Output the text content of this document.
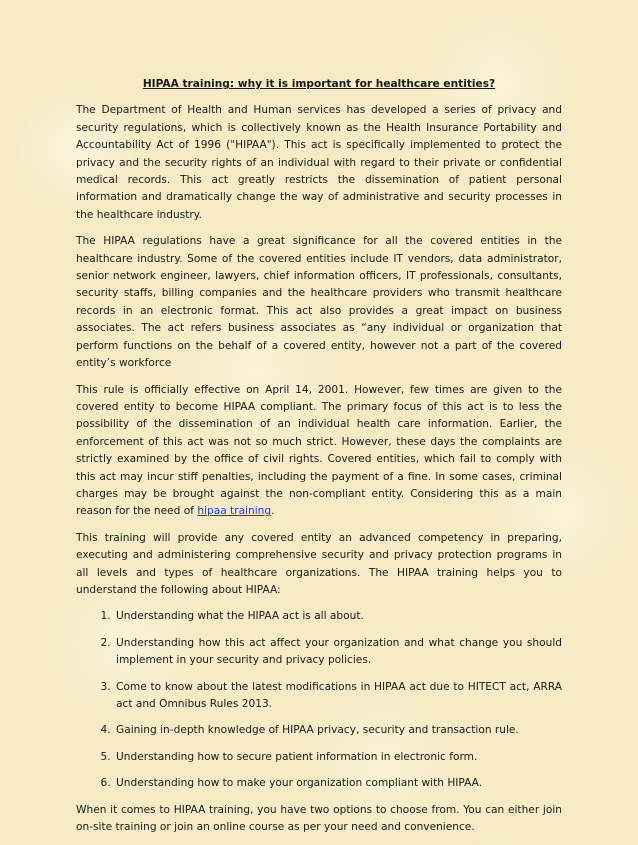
HIPAA training: why it is important for healthcare entities?

The Department of Health and Human services has developed a series of privacy and security regulations, which is collectively known as the Health Insurance Portability and Accountability Act of 1996 ("HIPAA"). This act is specifically implemented to protect the privacy and the security rights of an individual with regard to their private or confidential medical records. This act greatly restricts the dissemination of patient personal information and dramatically change the way of administrative and security processes in the healthcare industry.

The HIPAA regulations have a great significance for all the covered entities in the healthcare industry. Some of the covered entities include IT vendors, data administrator, senior network engineer, lawyers, chief information officers, IT professionals, consultants, security staffs, billing companies and the healthcare providers who transmit healthcare records in an electronic format. This act also provides a great impact on business associates. The act refers business associates as “any individual or organization that perform functions on the behalf of a covered entity, however not a part of the covered entity’s workforce

This rule is officially effective on April 14, 2001. However, few times are given to the covered entity to become HIPAA compliant. The primary focus of this act is to less the possibility of the dissemination of an individual health care information. Earlier, the enforcement of this act was not so much strict. However, these days the complaints are strictly examined by the office of civil rights. Covered entities, which fail to comply with this act may incur stiff penalties, including the payment of a fine. In some cases, criminal charges may be brought against the non-compliant entity. Considering this as a main reason for the need of hipaa training.

This training will provide any covered entity an advanced competency in preparing, executing and administering comprehensive security and privacy protection programs in all levels and types of healthcare organizations. The HIPAA training helps you to understand the following about HIPAA:

1. Understanding what the HIPAA act is all about.
2. Understanding how this act affect your organization and what change you should implement in your security and privacy policies.
3. Come to know about the latest modifications in HIPAA act due to HITECT act, ARRA act and Omnibus Rules 2013.
4. Gaining in-depth knowledge of HIPAA privacy, security and transaction rule.
5. Understanding how to secure patient information in electronic form.
6. Understanding how to make your organization compliant with HIPAA.

When it comes to HIPAA training, you have two options to choose from. You can either join on-site training or join an online course as per your need and convenience.
